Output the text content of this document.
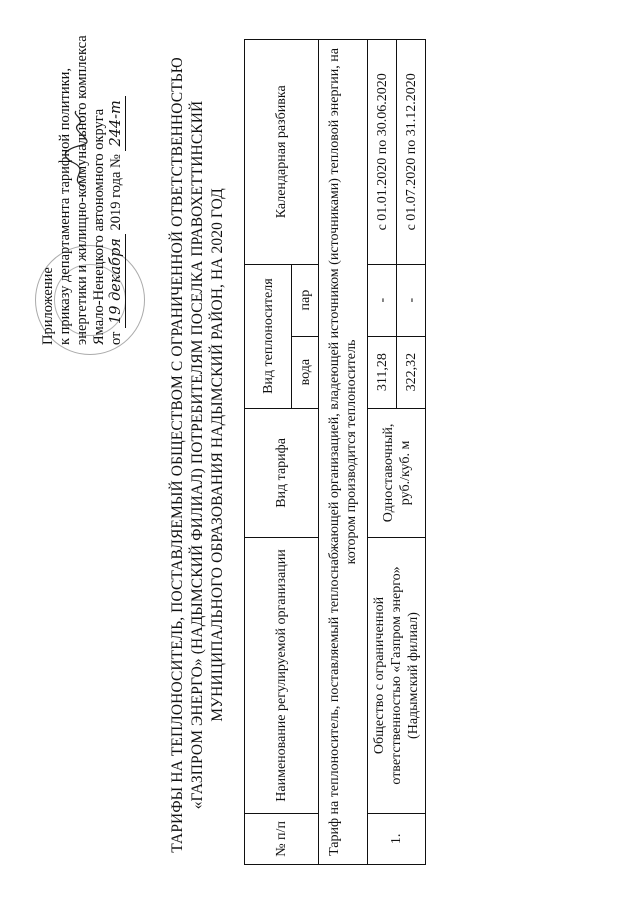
Приложение к приказу департамента тарифной политики, энергетики и жилищно-коммунального комплекса Ямало-Ненецкого автономного округа от 19 декабря 2019 года № 244-т	ТАРИФЫ НА ТЕПЛОНОСИТЕЛЬ, ПОСТАВЛЯЕМЫЙ ОБЩЕСТВОМ С ОГРАНИЧЕННОЙ ОТВЕТСТВЕННОСТЬЮ «ГАЗПРОМ ЭНЕРГО» (НАДЫМСКИЙ ФИЛИАЛ) ПОТРЕБИТЕЛЯМ ПОСЕЛКА ПРАВОХЕТТИНСКИЙ МУНИЦИПАЛЬНОГО ОБРАЗОВАНИЯ НАДЫМСКИЙ РАЙОН, НА 2020 ГОД
№ п/п	Наименование регулируемой организации	Вид тарифа	Вид теплоносителя		Календарная разбивка
			вода	пар	
Тариф на теплоноситель, поставляемый теплоснабжающей организацией, владеющей источником (источниками) тепловой энергии, на котором производится теплоноситель					
1.	Общество с ограниченной ответственностью «Газпром энерго» (Надымский филиал)	Одноставочный, руб./куб. м	311,28	-	с 01.01.2020 по 30.06.2020
			322,32	-	с 01.07.2020 по 31.12.2020
